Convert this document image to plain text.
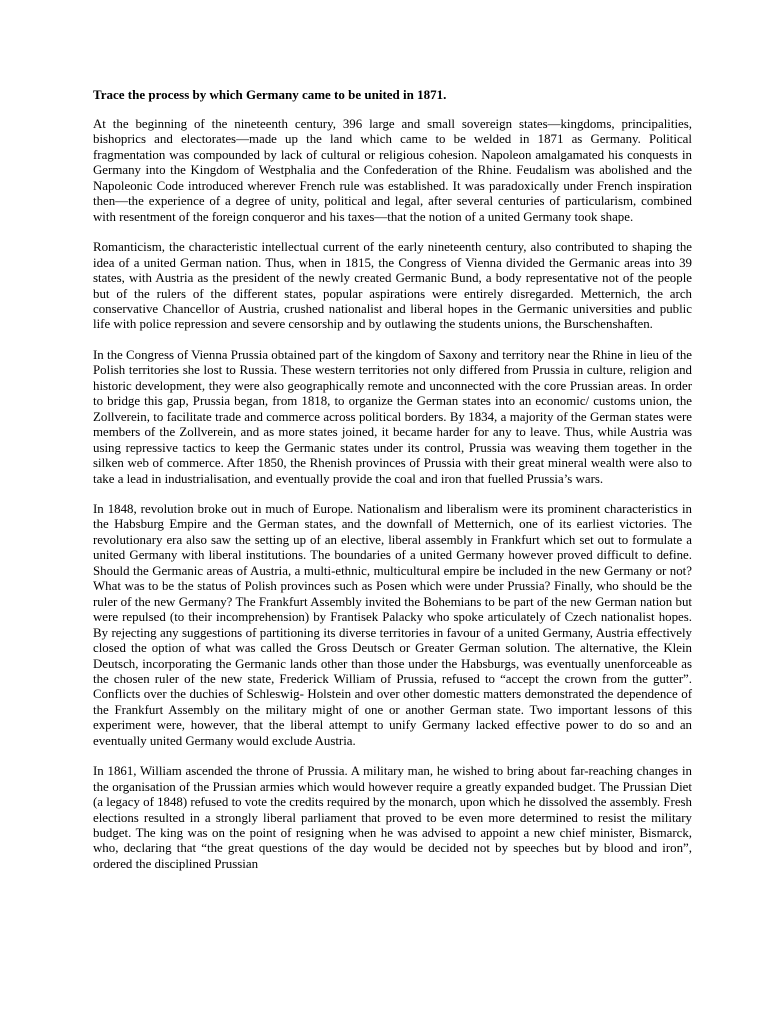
Trace the process by which Germany came to be united in 1871.

At the beginning of the nineteenth century, 396 large and small sovereign states—kingdoms, principalities, bishoprics and electorates—made up the land which came to be welded in 1871 as Germany. Political fragmentation was compounded by lack of cultural or religious cohesion. Napoleon amalgamated his conquests in Germany into the Kingdom of Westphalia and the Confederation of the Rhine. Feudalism was abolished and the Napoleonic Code introduced wherever French rule was established. It was paradoxically under French inspiration then—the experience of a degree of unity, political and legal, after several centuries of particularism, combined with resentment of the foreign conqueror and his taxes—that the notion of a united Germany took shape.

Romanticism, the characteristic intellectual current of the early nineteenth century, also contributed to shaping the idea of a united German nation. Thus, when in 1815, the Congress of Vienna divided the Germanic areas into 39 states, with Austria as the president of the newly created Germanic Bund, a body representative not of the people but of the rulers of the different states, popular aspirations were entirely disregarded. Metternich, the arch conservative Chancellor of Austria, crushed nationalist and liberal hopes in the Germanic universities and public life with police repression and severe censorship and by outlawing the students unions, the Burschenshaften.

In the Congress of Vienna Prussia obtained part of the kingdom of Saxony and territory near the Rhine in lieu of the Polish territories she lost to Russia. These western territories not only differed from Prussia in culture, religion and historic development, they were also geographically remote and unconnected with the core Prussian areas. In order to bridge this gap, Prussia began, from 1818, to organize the German states into an economic/ customs union, the Zollverein, to facilitate trade and commerce across political borders. By 1834, a majority of the German states were members of the Zollverein, and as more states joined, it became harder for any to leave. Thus, while Austria was using repressive tactics to keep the Germanic states under its control, Prussia was weaving them together in the silken web of commerce. After 1850, the Rhenish provinces of Prussia with their great mineral wealth were also to take a lead in industrialisation, and eventually provide the coal and iron that fuelled Prussia’s wars.

In 1848, revolution broke out in much of Europe. Nationalism and liberalism were its prominent characteristics in the Habsburg Empire and the German states, and the downfall of Metternich, one of its earliest victories. The revolutionary era also saw the setting up of an elective, liberal assembly in Frankfurt which set out to formulate a united Germany with liberal institutions. The boundaries of a united Germany however proved difficult to define. Should the Germanic areas of Austria, a multi-ethnic, multicultural empire be included in the new Germany or not? What was to be the status of Polish provinces such as Posen which were under Prussia? Finally, who should be the ruler of the new Germany? The Frankfurt Assembly invited the Bohemians to be part of the new German nation but were repulsed (to their incomprehension) by Frantisek Palacky who spoke articulately of Czech nationalist hopes. By rejecting any suggestions of partitioning its diverse territories in favour of a united Germany, Austria effectively closed the option of what was called the Gross Deutsch or Greater German solution. The alternative, the Klein Deutsch, incorporating the Germanic lands other than those under the Habsburgs, was eventually unenforceable as the chosen ruler of the new state, Frederick William of Prussia, refused to “accept the crown from the gutter”. Conflicts over the duchies of Schleswig- Holstein and over other domestic matters demonstrated the dependence of the Frankfurt Assembly on the military might of one or another German state. Two important lessons of this experiment were, however, that the liberal attempt to unify Germany lacked effective power to do so and an eventually united Germany would exclude Austria.

In 1861, William ascended the throne of Prussia. A military man, he wished to bring about far-reaching changes in the organisation of the Prussian armies which would however require a greatly expanded budget. The Prussian Diet (a legacy of 1848) refused to vote the credits required by the monarch, upon which he dissolved the assembly. Fresh elections resulted in a strongly liberal parliament that proved to be even more determined to resist the military budget. The king was on the point of resigning when he was advised to appoint a new chief minister, Bismarck, who, declaring that “the great questions of the day would be decided not by speeches but by blood and iron”, ordered the disciplined Prussian
